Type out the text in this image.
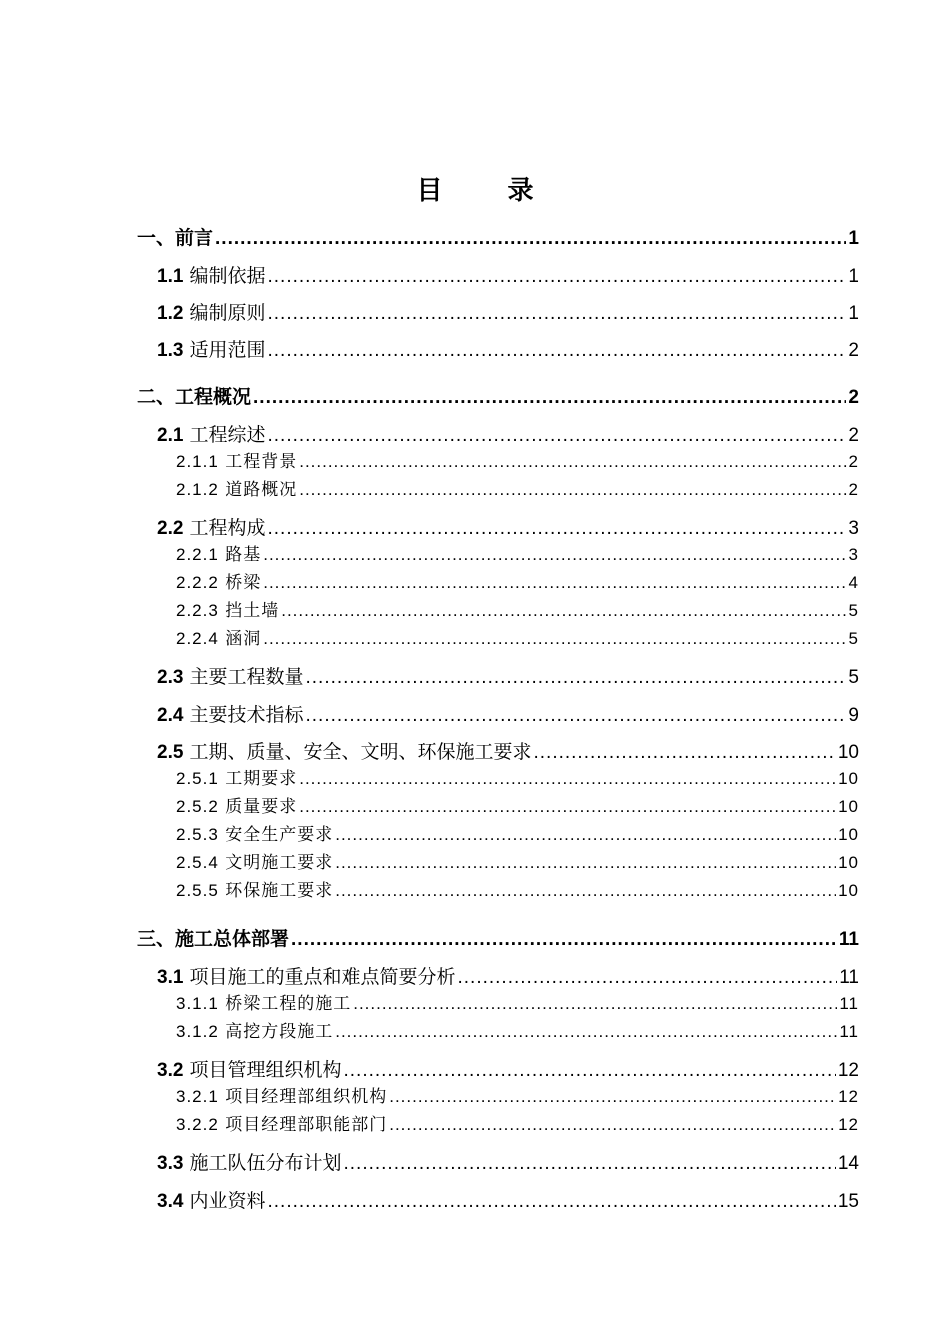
目 录
一、前言 .....	1
1.1 编制依据 .....	1
1.2 编制原则 .....	1
1.3 适用范围 .....	2
二、工程概况 .....	2
2.1 工程综述 .....	2
2.1.1 工程背景 .....	2
2.1.2 道路概况 .....	2
2.2 工程构成 .....	3
2.2.1 路基 .....	3
2.2.2 桥梁 .....	4
2.2.3 挡土墙 .....	5
2.2.4 涵洞 .....	5
2.3 主要工程数量 .....	5
2.4 主要技术指标 .....	9
2.5 工期、质量、安全、文明、环保施工要求 .....	10
2.5.1 工期要求 .....	10
2.5.2 质量要求 .....	10
2.5.3 安全生产要求 .....	10
2.5.4 文明施工要求 .....	10
2.5.5 环保施工要求 .....	10
三、施工总体部署 .....	11
3.1 项目施工的重点和难点简要分析 .....	11
3.1.1 桥梁工程的施工 .....	11
3.1.2 高挖方段施工 .....	11
3.2 项目管理组织机构 .....	12
3.2.1 项目经理部组织机构 .....	12
3.2.2 项目经理部职能部门 .....	12
3.3 施工队伍分布计划 .....	14
3.4 内业资料 .....	15
